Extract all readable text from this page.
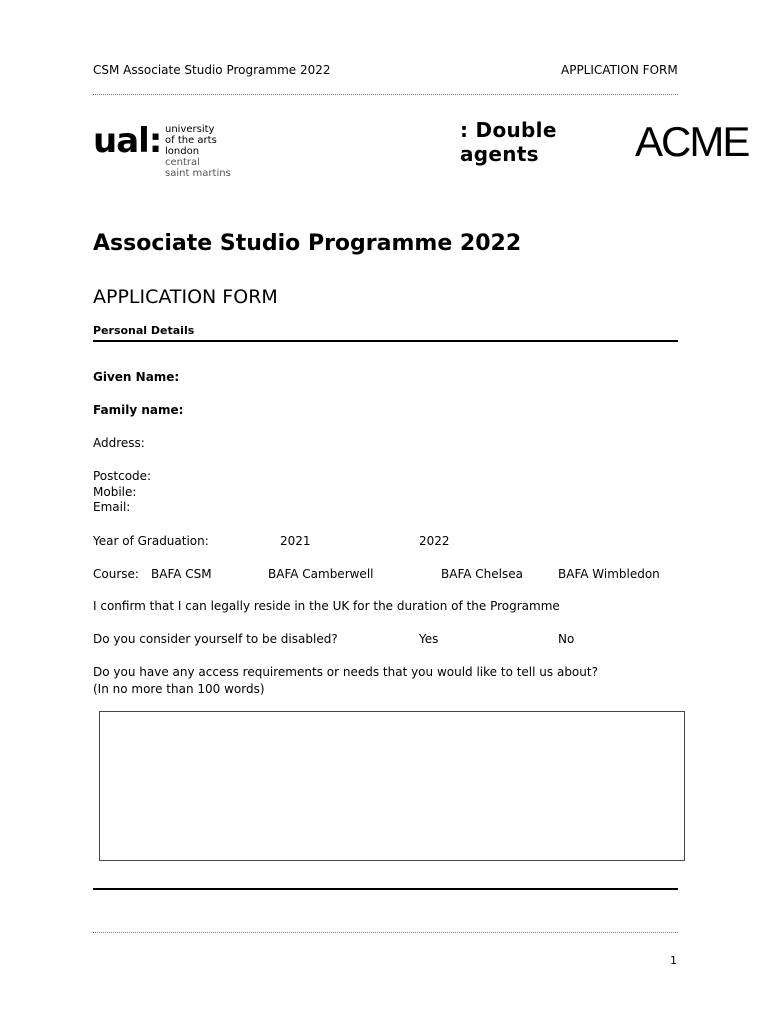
CSM Associate Studio Programme 2022	APPLICATION FORM
ual: university
of the arts
london
central
saint martins
: Double agents	ACME
Associate Studio Programme 2022
APPLICATION FORM
Personal Details
Given Name:
Family name:
Address:
Postcode:
Mobile:
Email:
Year of Graduation:	2021	2022
Course: BAFA CSM	BAFA Camberwell	BAFA Chelsea	BAFA Wimbledon
I confirm that I can legally reside in the UK for the duration of the Programme
Do you consider yourself to be disabled?	Yes	No
Do you have any access requirements or needs that you would like to tell us about?
(In no more than 100 words)
1
